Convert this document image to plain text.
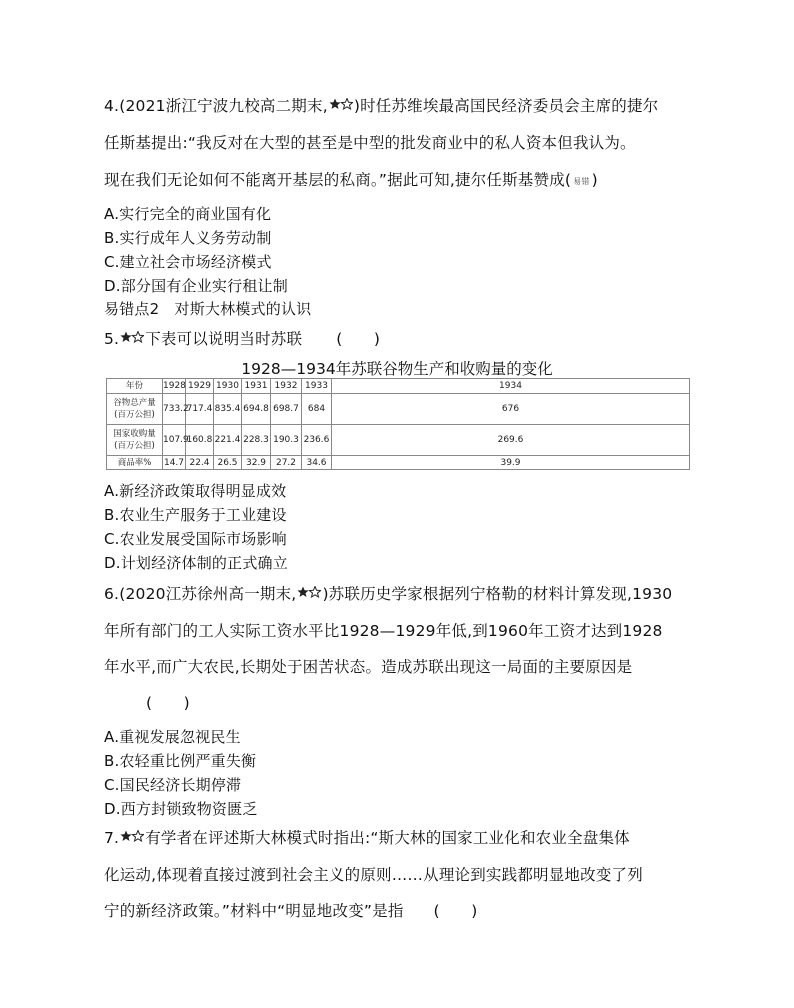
4.(2021浙江宁波九校高二期末, )时任苏维埃最高国民经济委员会主席的捷尔
任斯基提出:“我反对在大型的甚至是中型的批发商业中的私人资本但我认为。
现在我们无论如何不能离开基层的私商。”据此可知,捷尔任斯基赞成( 易错 )
A.实行完全的商业国有化
B.实行成年人义务劳动制
C.建立社会市场经济模式
D.部分国有企业实行租让制
易错点2　对斯大林模式的认识
5. 下表可以说明当时苏联 (　　)
1928—1934年苏联谷物生产和收购量的变化
年份	1928	1929	1930	1931	1932	1933	1934
谷物总产量
(百万公担)	733.2	717.4	835.4	694.8	698.7	684	676
国家收购量
(百万公担)	107.9	160.8	221.4	228.3	190.3	236.6	269.6
商品率%	14.7	22.4	26.5	32.9	27.2	34.6	39.9
A.新经济政策取得明显成效
B.农业生产服务于工业建设
C.农业发展受国际市场影响
D.计划经济体制的正式确立
6.(2020江苏徐州高一期末, )苏联历史学家根据列宁格勒的材料计算发现,1930
年所有部门的工人实际工资水平比1928—1929年低,到1960年工资才达到1928
年水平,而广大农民,长期处于困苦状态。造成苏联出现这一局面的主要原因是
(　　)
A.重视发展忽视民生
B.农轻重比例严重失衡
C.国民经济长期停滞
D.西方封锁致物资匮乏
7. 有学者在评述斯大林模式时指出:“斯大林的国家工业化和农业全盘集体
化运动,体现着直接过渡到社会主义的原则……从理论到实践都明显地改变了列
宁的新经济政策。”材料中“明显地改变”是指 (　　)
